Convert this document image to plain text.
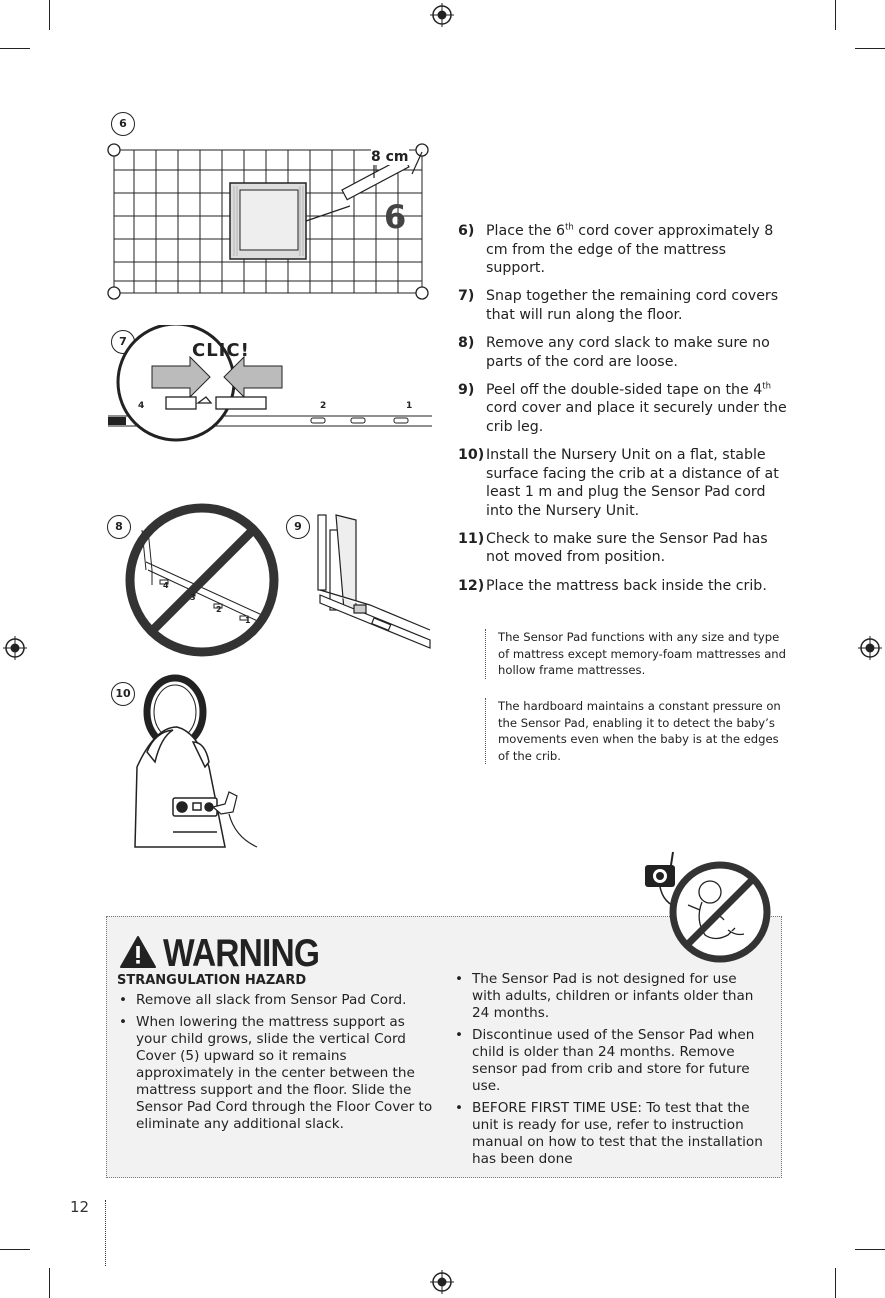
6
8 cm
6
7	CLIC!
4	2	1
8
4
3
2
1
9
10
6) Place the 6th cord cover approximately 8 cm from the edge of the mattress support.
7) Snap together the remaining cord covers that will run along the floor.
8) Remove any cord slack to make sure no parts of the cord are loose.
9) Peel off the double-sided tape on the 4th cord cover and place it securely under the crib leg.
10) Install the Nursery Unit on a flat, stable surface facing the crib at a distance of at least 1 m and plug the Sensor Pad cord into the Nursery Unit.
11) Check to make sure the Sensor Pad has not moved from position.
12) Place the mattress back inside the crib.
The Sensor Pad functions with any size and type of mattress except memory-foam mattresses and hollow frame mattresses.
The hardboard maintains a constant pressure on the Sensor Pad, enabling it to detect the baby’s movements even when the baby is at the edges of the crib.
WARNING
STRANGULATION HAZARD
• Remove all slack from Sensor Pad Cord.
• When lowering the mattress support as your child grows, slide the vertical Cord Cover (5) upward so it remains approximately in the center between the mattress support and the floor. Slide the Sensor Pad Cord through the Floor Cover to eliminate any additional slack.
• The Sensor Pad is not designed for use with adults, children or infants older than 24 months.
• Discontinue used of the Sensor Pad when child is older than 24 months. Remove sensor pad from crib and store for future use.
• BEFORE FIRST TIME USE: To test that the unit is ready for use, refer to instruction manual on how to test that the installation has been done
12
